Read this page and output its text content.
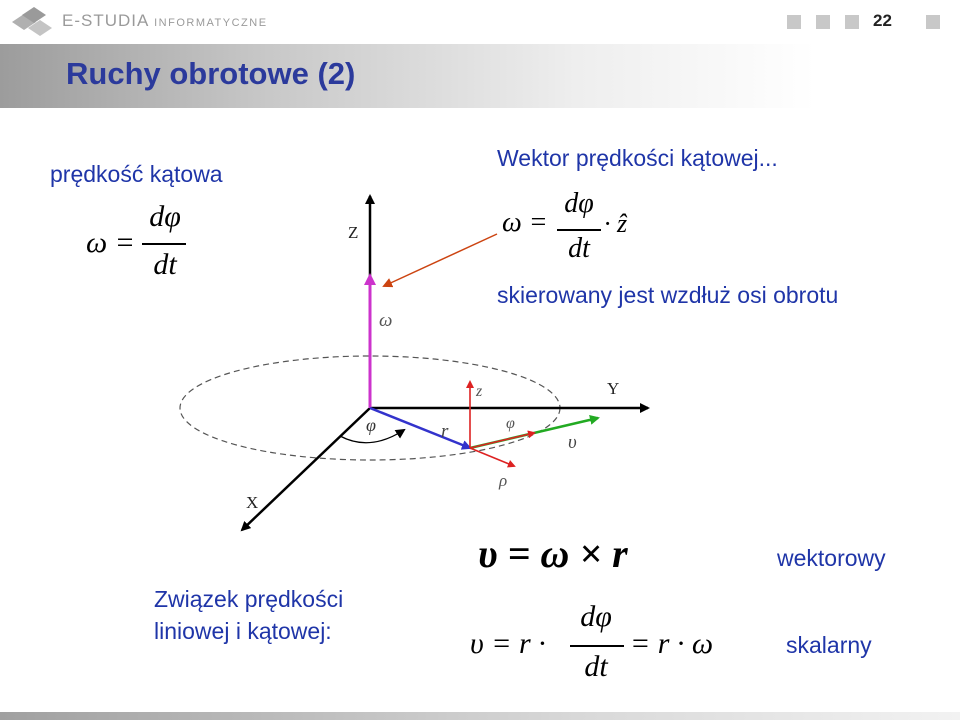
E-STUDIA INFORMATYCZNE	22
Ruchy obrotowe (2)
prędkość kątowa
Wektor prędkości kątowej...
skierowany jest wzdłuż osi obrotu
Związek prędkości
liniowej i kątowej:
wektorowy
skalarny
ω =
dφ
dt
ω =
dφ
dt
· ẑ
υ = ω × r
υ = r ·
dφ
dt
= r · ω
Z
Y
X
ω
r
φ
υ
z
φ
ρ
